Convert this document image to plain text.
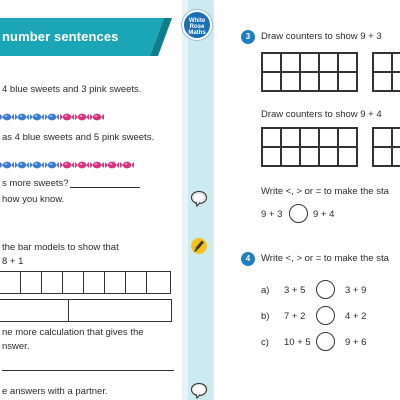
number sentences
4 blue sweets and 3 pink sweets.
as 4 blue sweets and 5 pink sweets.
s more sweets?
how you know.
the bar models to show that
8 + 1
ne more calculation that gives the
nswer.
e answers with a partner.
White
Rose
Maths	3	Draw counters to show 9 + 3
Draw counters to show 9 + 4
Write <, > or = to make the sta
9 + 3	9 + 4
4	Write <, > or = to make the sta
a) 3 + 5	3 + 9
b) 7 + 2	4 + 2
c) 10 + 5	9 + 6
